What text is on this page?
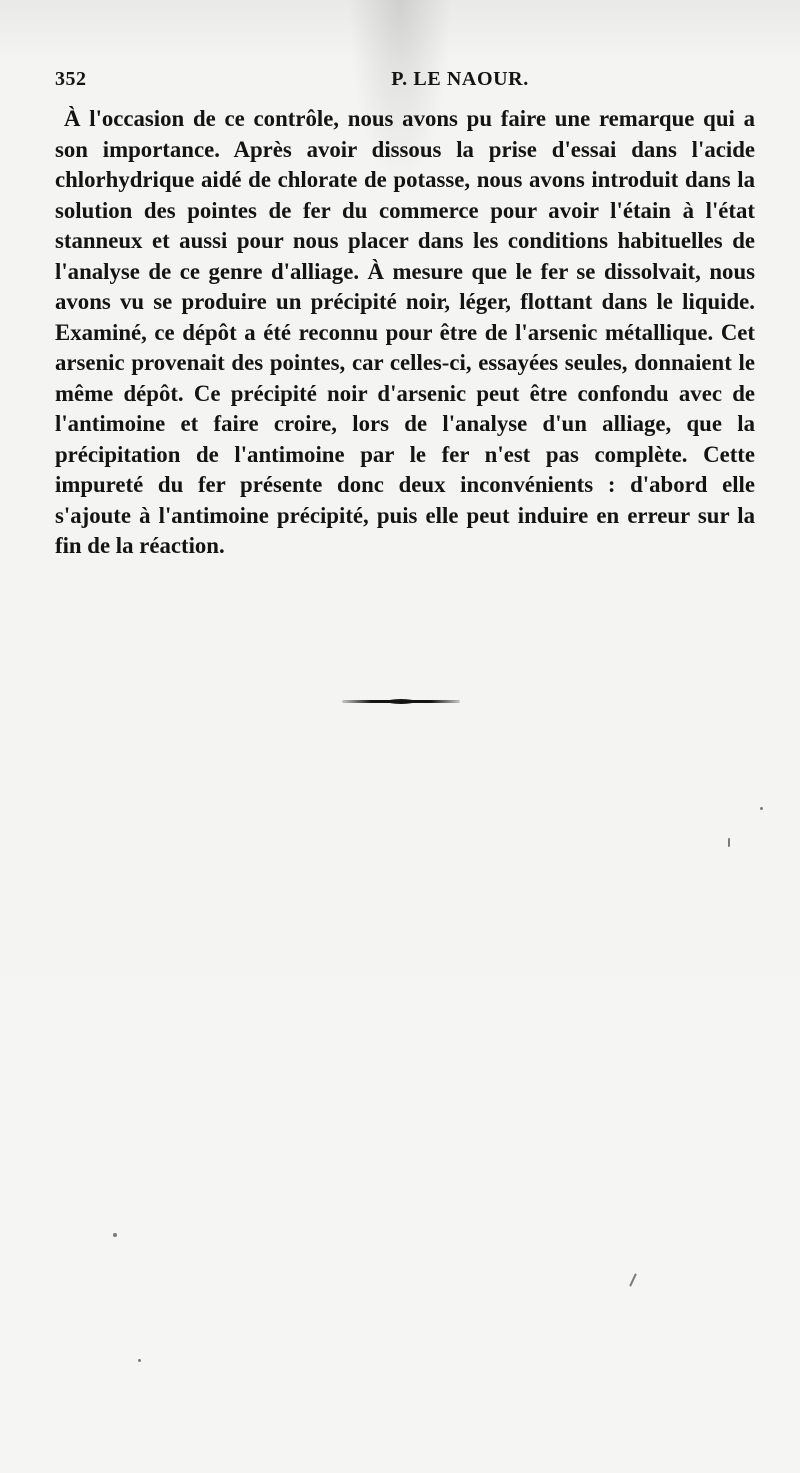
352	P. LE NAOUR.

À l'occasion de ce contrôle, nous avons pu faire une remarque qui a son importance. Après avoir dissous la prise d'essai dans l'acide chlorhydrique aidé de chlorate de potasse, nous avons introduit dans la solution des pointes de fer du commerce pour avoir l'étain à l'état stanneux et aussi pour nous placer dans les conditions habituelles de l'analyse de ce genre d'alliage. À mesure que le fer se dissolvait, nous avons vu se produire un précipité noir, léger, flottant dans le liquide. Examiné, ce dépôt a été reconnu pour être de l'arsenic métallique. Cet arsenic provenait des pointes, car celles-ci, essayées seules, donnaient le même dépôt. Ce précipité noir d'arsenic peut être confondu avec de l'antimoine et faire croire, lors de l'analyse d'un alliage, que la précipitation de l'antimoine par le fer n'est pas complète. Cette impureté du fer présente donc deux inconvénients : d'abord elle s'ajoute à l'antimoine précipité, puis elle peut induire en erreur sur la fin de la réaction.
